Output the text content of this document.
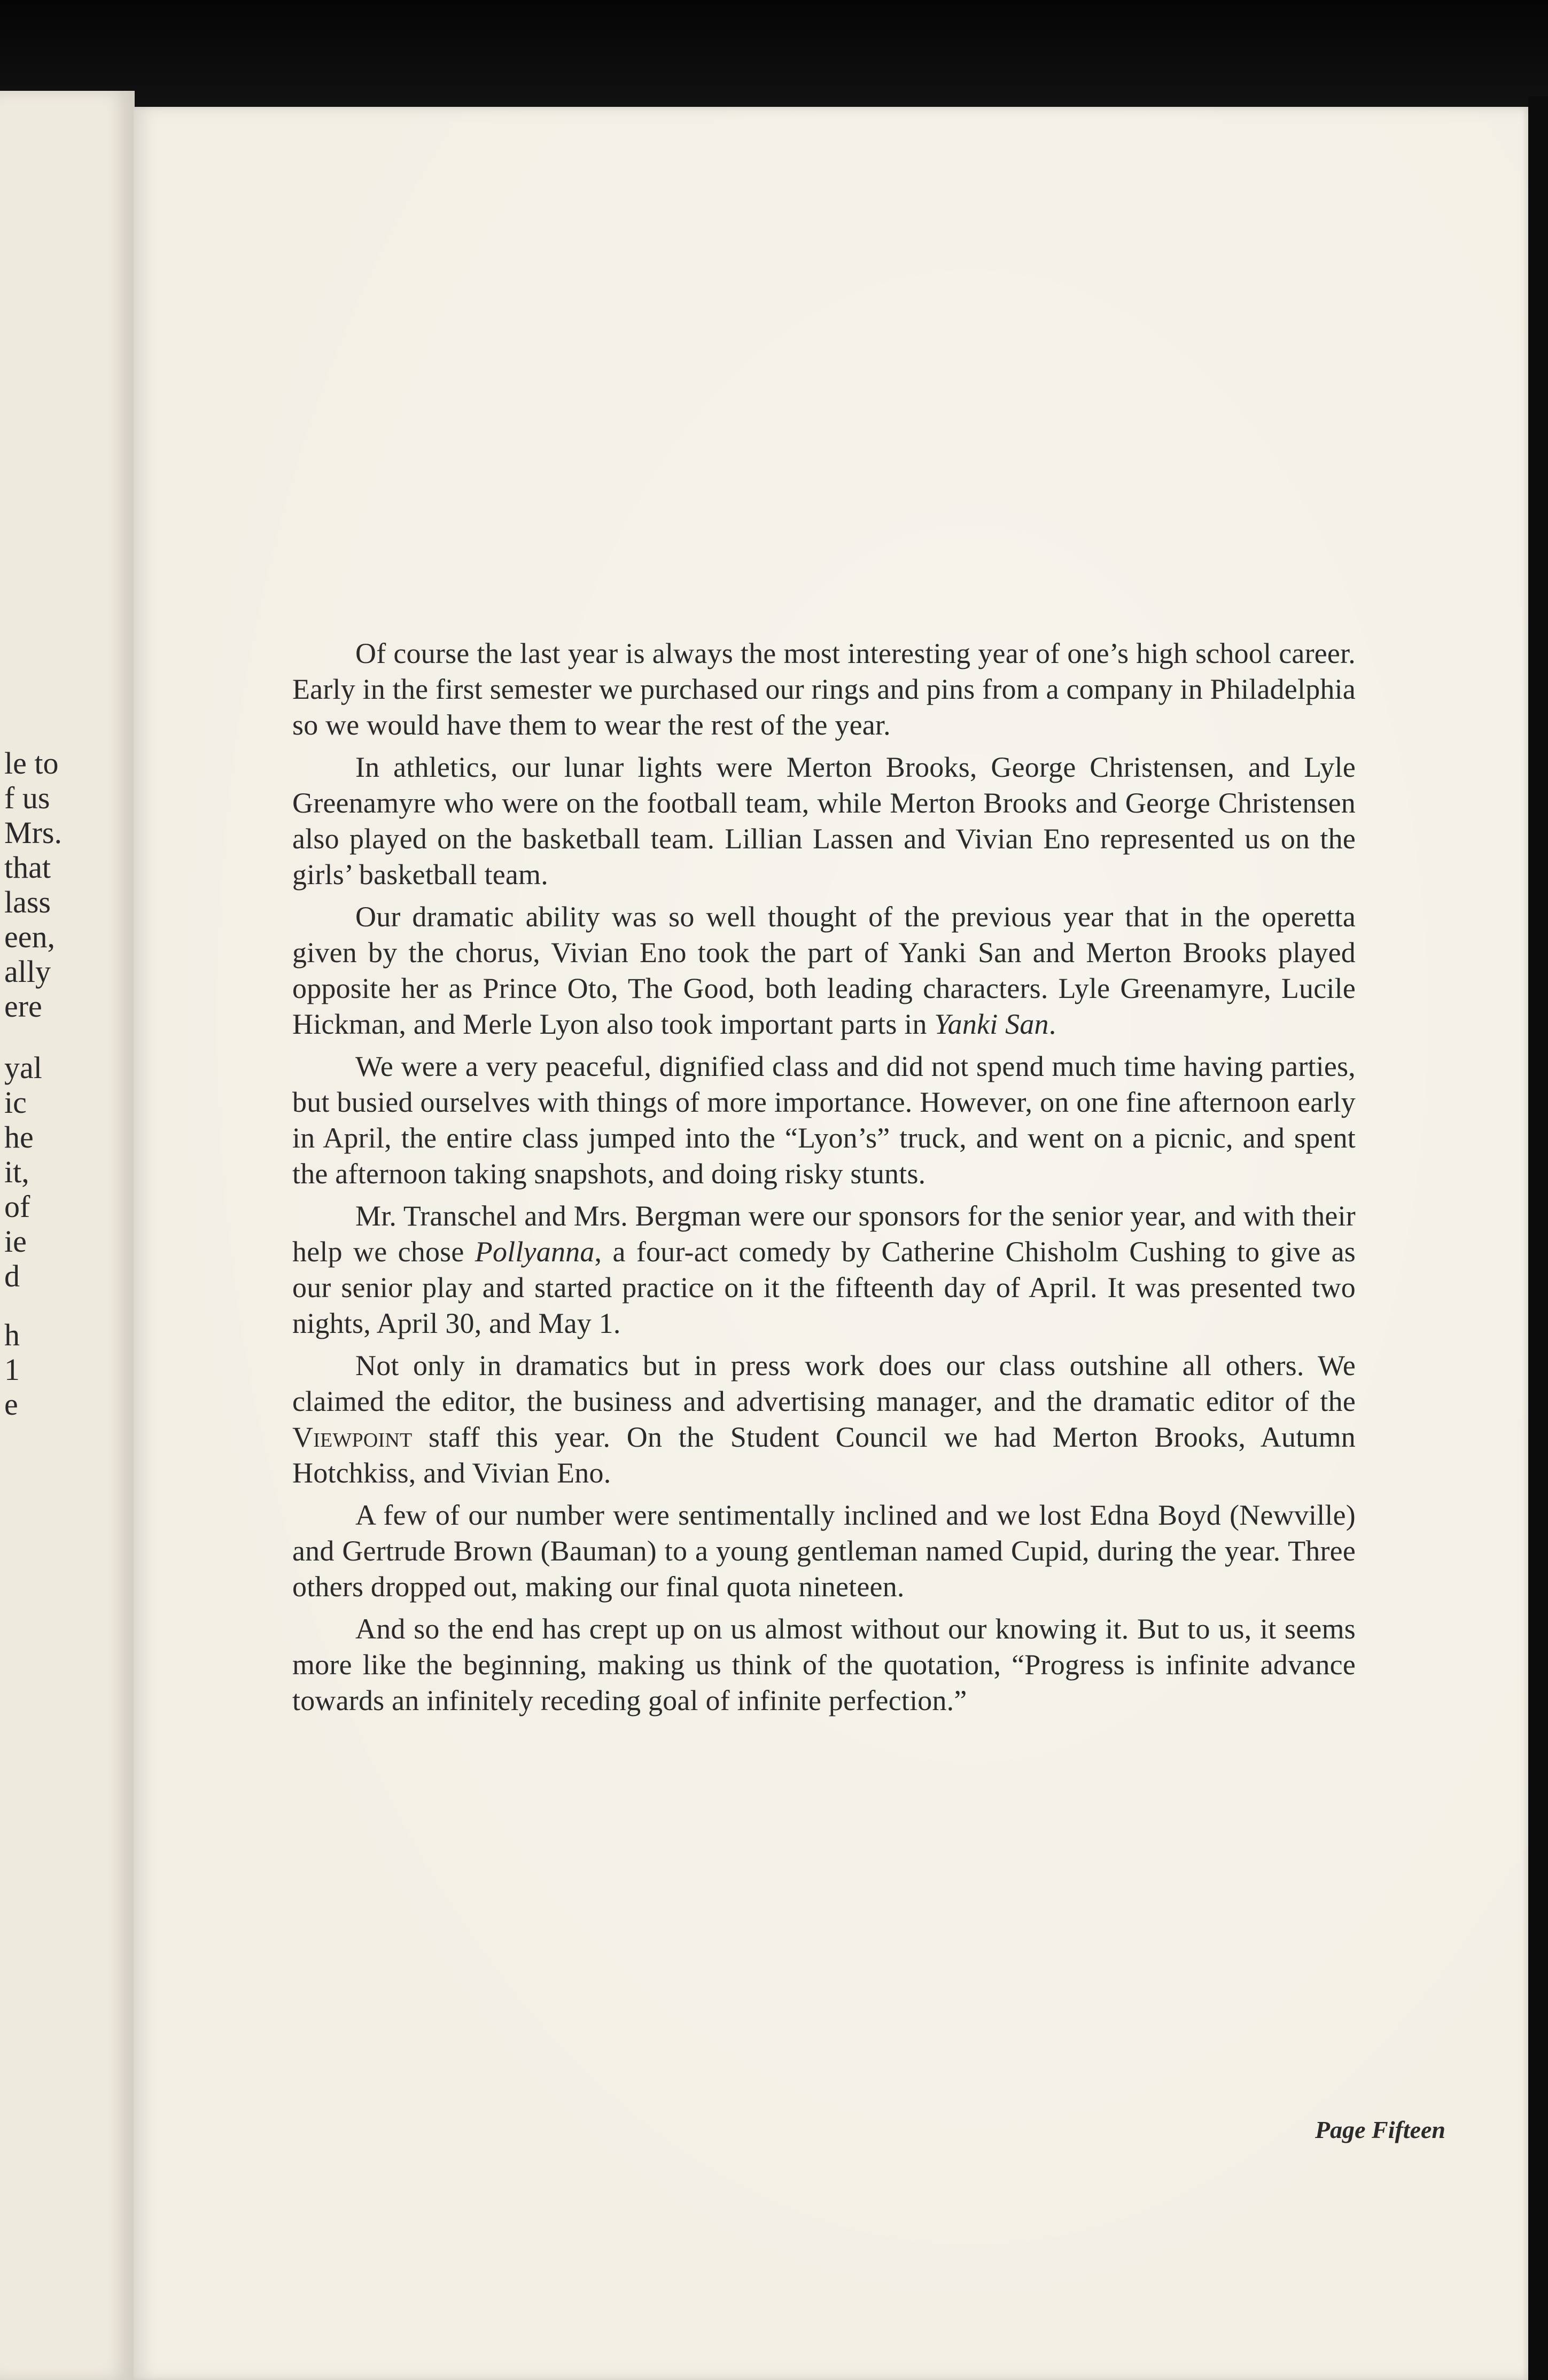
le to
f us
Mrs.
that
lass
een,
ally
ere
yal
ic
he
it,
of
ie
d
h
1
e

Of course the last year is always the most interesting year of one’s high school career. Early in the first semester we purchased our rings and pins from a company in Philadelphia so we would have them to wear the rest of the year.

In athletics, our lunar lights were Merton Brooks, George Christensen, and Lyle Greenamyre who were on the football team, while Merton Brooks and George Christensen also played on the basketball team. Lillian Lassen and Vivian Eno represented us on the girls’ basketball team.

Our dramatic ability was so well thought of the previous year that in the operetta given by the chorus, Vivian Eno took the part of Yanki San and Merton Brooks played opposite her as Prince Oto, The Good, both leading characters. Lyle Greenamyre, Lucile Hickman, and Merle Lyon also took important parts in Yanki San.

We were a very peaceful, dignified class and did not spend much time having parties, but busied ourselves with things of more importance. However, on one fine afternoon early in April, the entire class jumped into the “Lyon’s” truck, and went on a picnic, and spent the afternoon taking snapshots, and doing risky stunts.

Mr. Transchel and Mrs. Bergman were our sponsors for the senior year, and with their help we chose Pollyanna, a four-act comedy by Catherine Chisholm Cushing to give as our senior play and started practice on it the fifteenth day of April. It was presented two nights, April 30, and May 1.

Not only in dramatics but in press work does our class outshine all others. We claimed the editor, the business and advertising manager, and the dramatic editor of the Viewpoint staff this year. On the Student Council we had Merton Brooks, Autumn Hotchkiss, and Vivian Eno.

A few of our number were sentimentally inclined and we lost Edna Boyd (Newville) and Gertrude Brown (Bauman) to a young gentleman named Cupid, during the year. Three others dropped out, making our final quota nineteen.

And so the end has crept up on us almost without our knowing it. But to us, it seems more like the beginning, making us think of the quotation, “Progress is infinite advance towards an infinitely receding goal of infinite perfection.”

Page Fifteen
